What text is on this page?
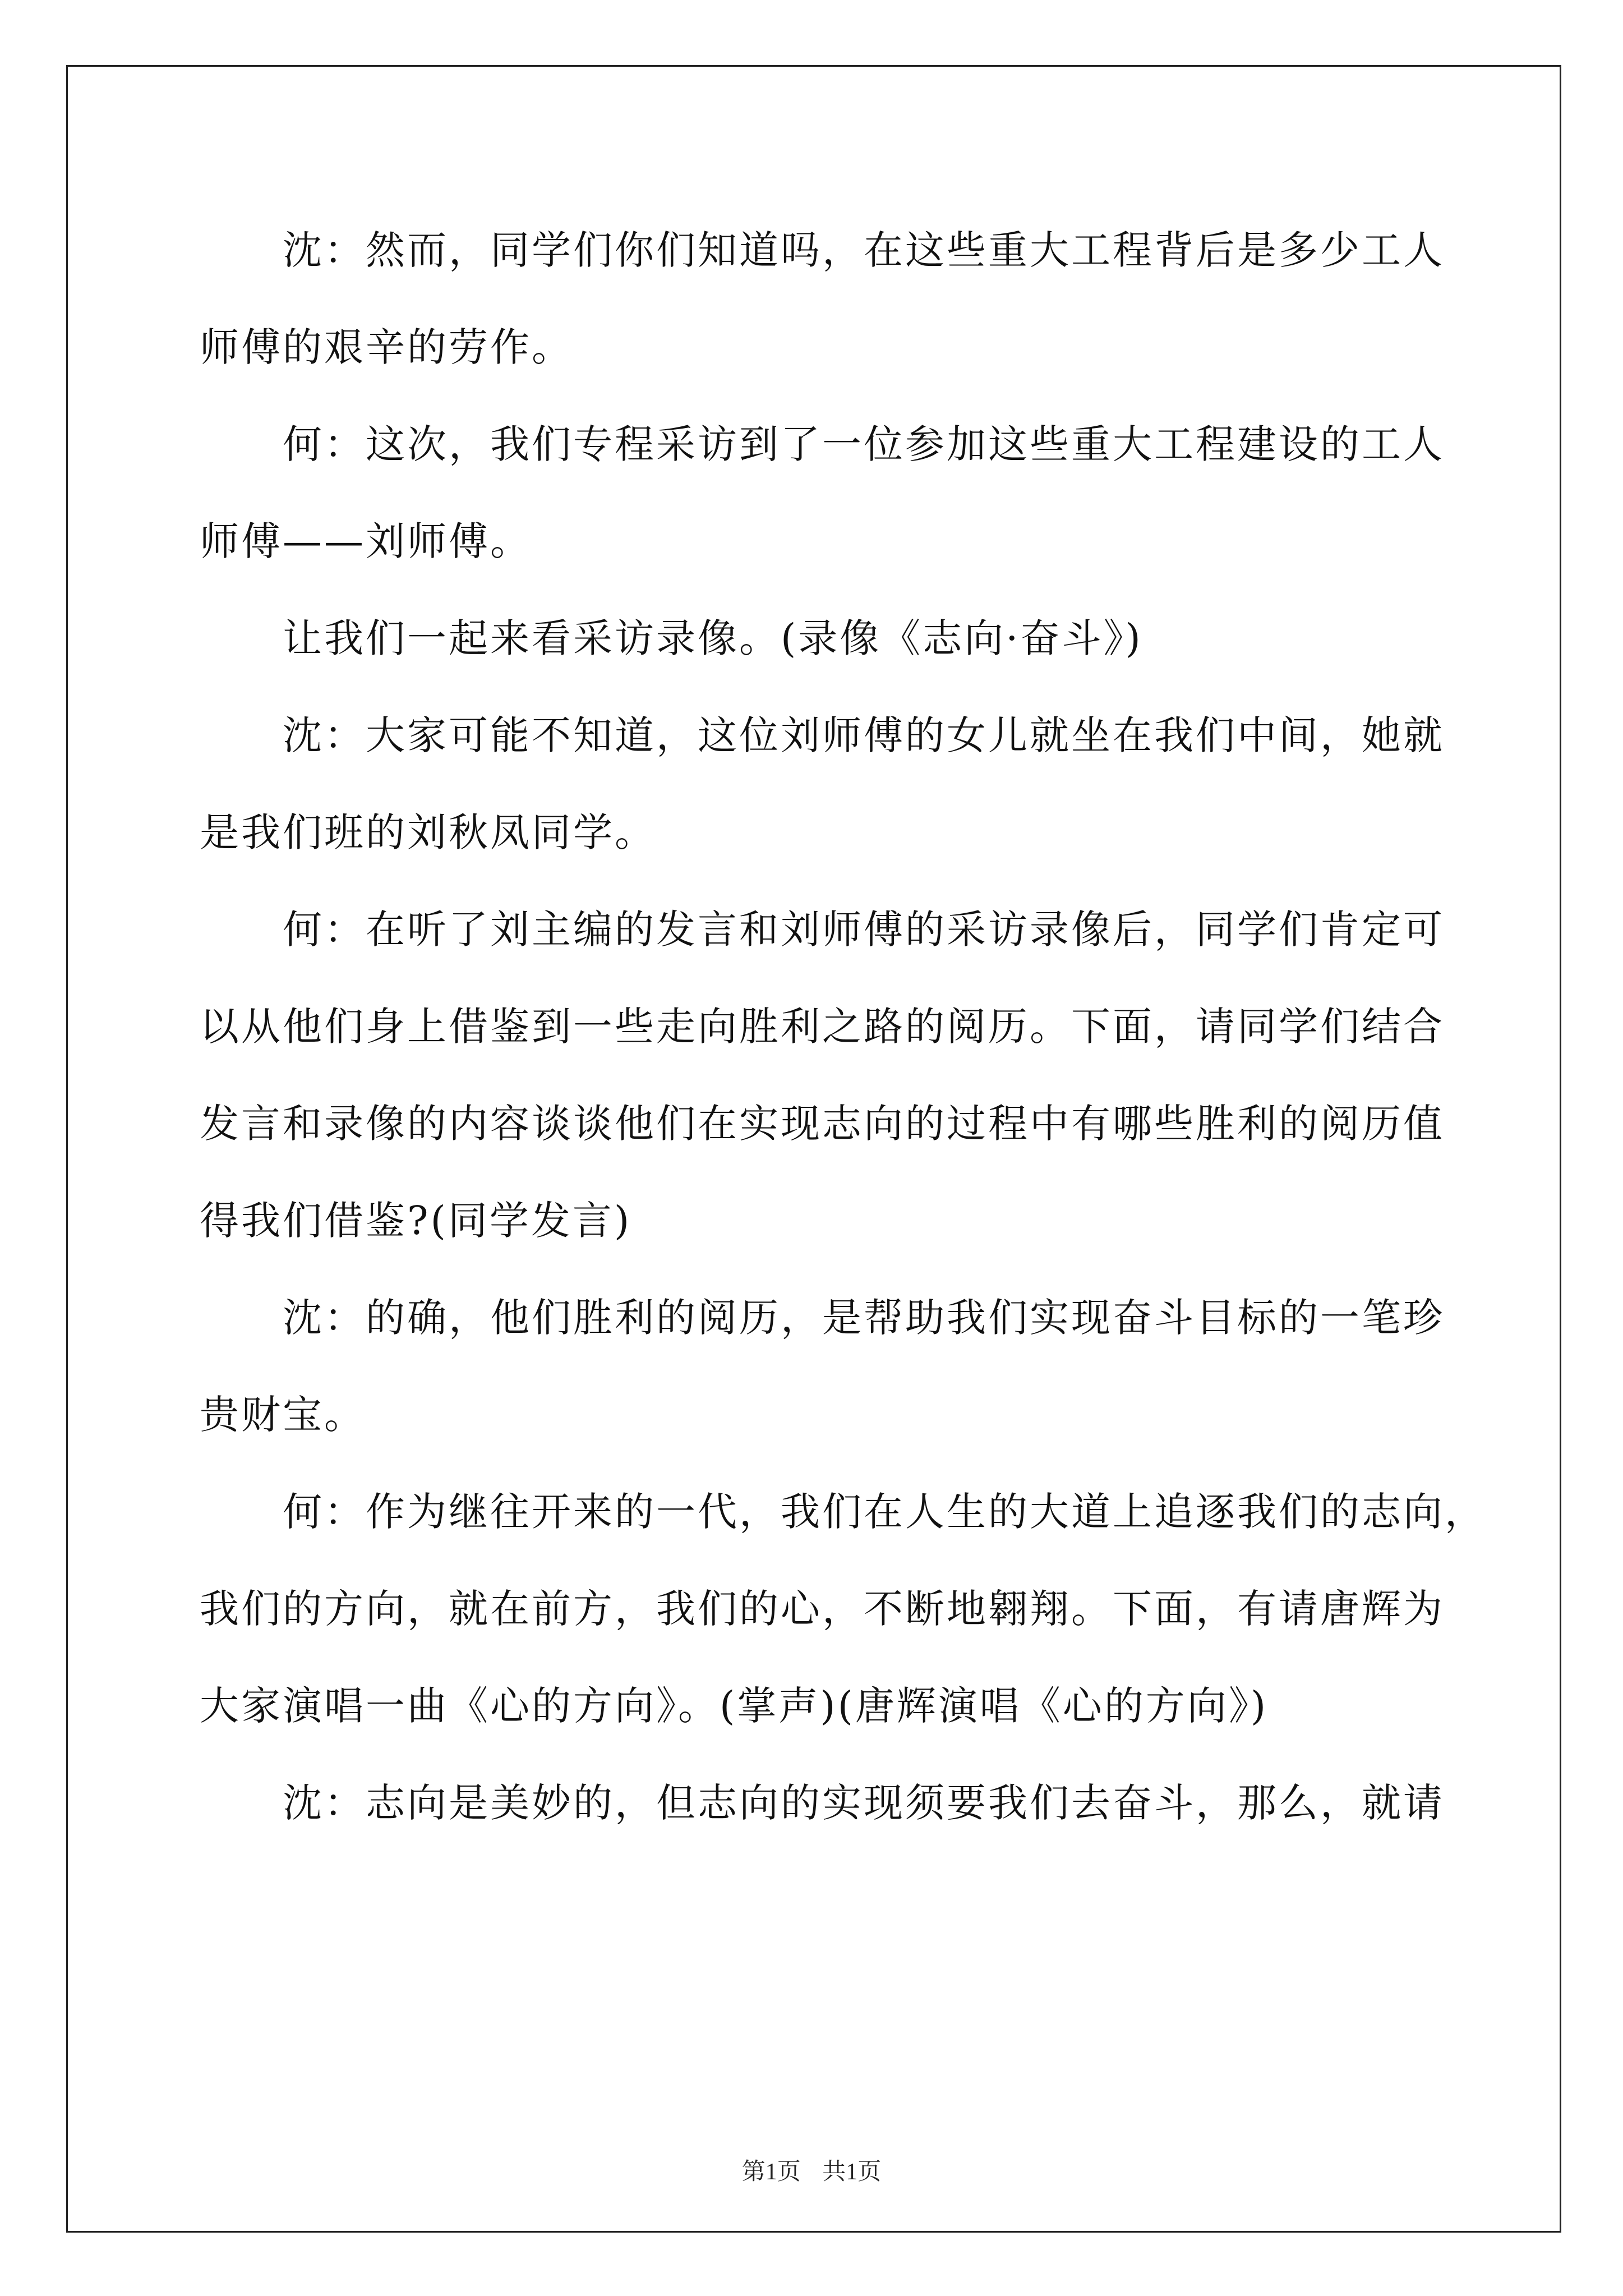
沈：然而，同学们你们知道吗，在这些重大工程背后是多少工人
师傅的艰辛的劳作。

何：这次，我们专程采访到了一位参加这些重大工程建设的工人
师傅——刘师傅。

让我们一起来看采访录像。(录像《志向·奋斗》)

沈：大家可能不知道，这位刘师傅的女儿就坐在我们中间，她就
是我们班的刘秋凤同学。

何：在听了刘主编的发言和刘师傅的采访录像后，同学们肯定可
以从他们身上借鉴到一些走向胜利之路的阅历。下面，请同学们结合
发言和录像的内容谈谈他们在实现志向的过程中有哪些胜利的阅历值
得我们借鉴?(同学发言)

沈：的确，他们胜利的阅历，是帮助我们实现奋斗目标的一笔珍
贵财宝。

何：作为继往开来的一代，我们在人生的大道上追逐我们的志向，
我们的方向，就在前方，我们的心，不断地翱翔。下面，有请唐辉为
大家演唱一曲《心的方向》。(掌声)(唐辉演唱《心的方向》)

沈：志向是美妙的，但志向的实现须要我们去奋斗，那么，就请

第1页 共1页
